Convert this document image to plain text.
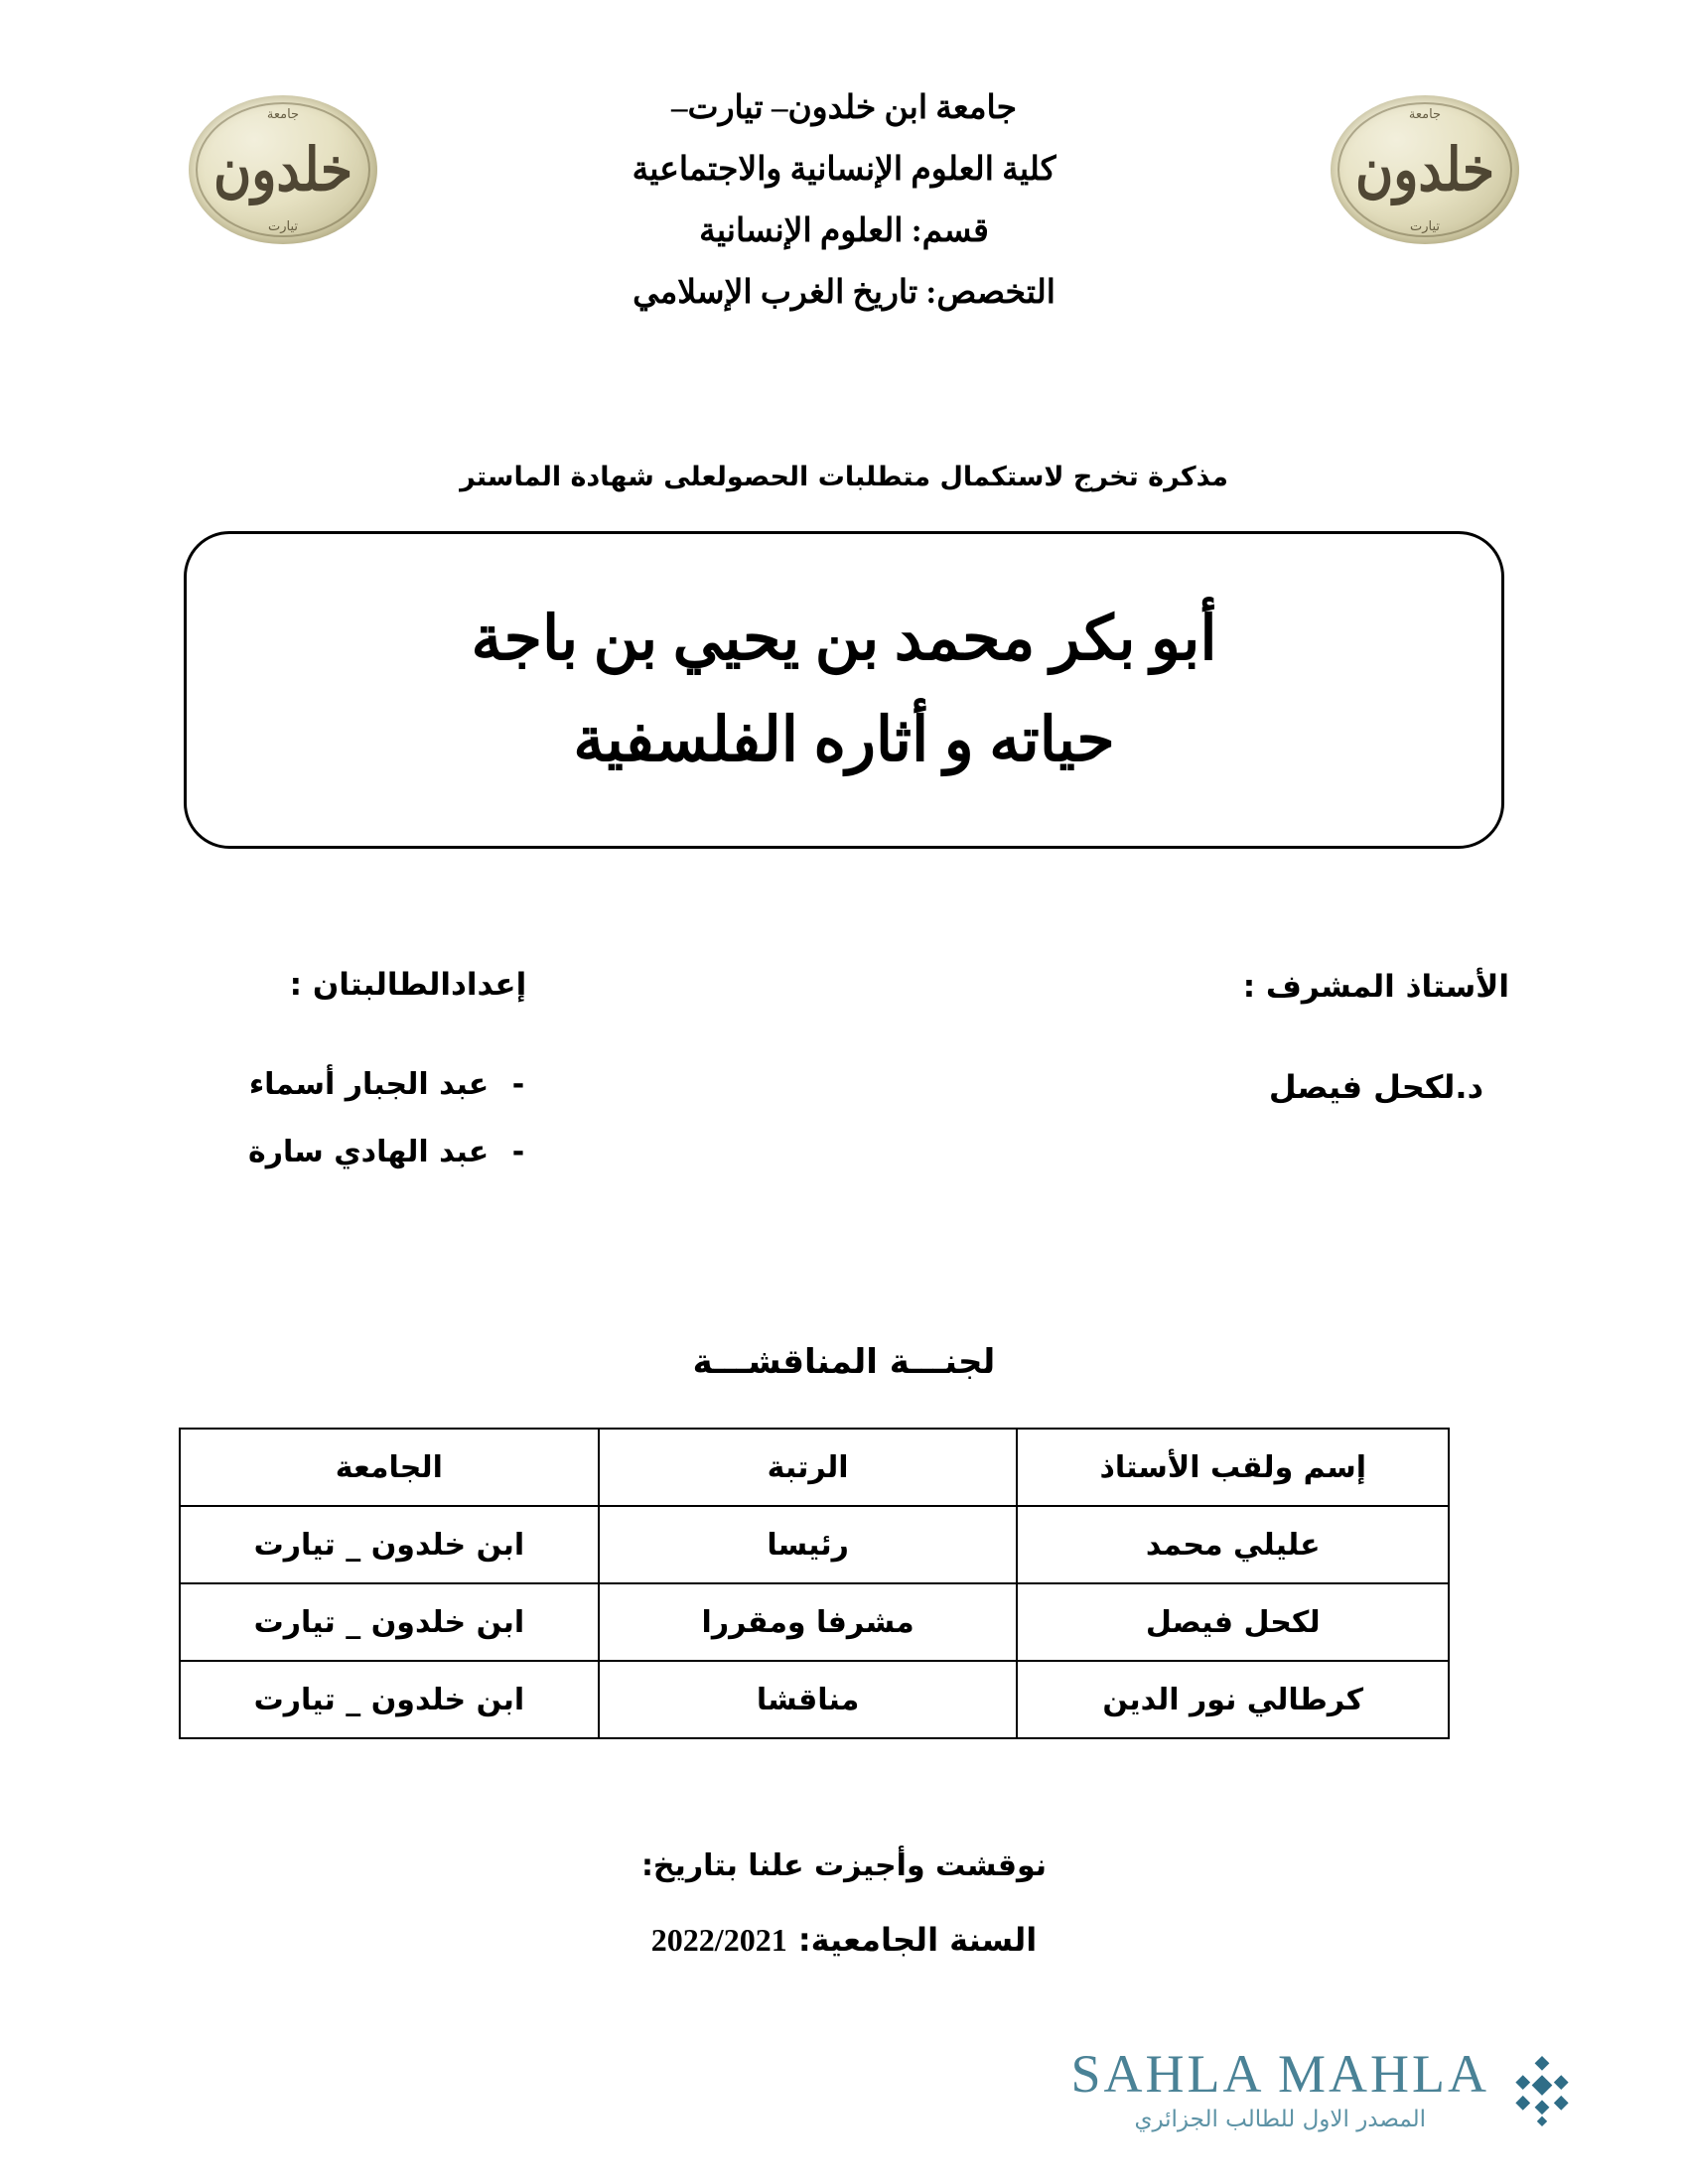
جامعة
خلدون
تيارت
جامعة
خلدون
تيارت
جامعة ابن خلدون– تيارت–
كلية العلوم الإنسانية والاجتماعية
قسم: العلوم الإنسانية
التخصص: تاريخ الغرب الإسلامي
مذكرة تخرج لاستكمال متطلبات الحصولعلى شهادة الماستر
أبو بكر محمد بن يحيي بن باجة
حياته و أثاره الفلسفية
الأستاذ المشرف :
د.لكحل فيصل
إعدادالطالبتان :
- عبد الجبار أسماء
- عبد الهادي سارة
لجنـــة المناقشـــة
إسم ولقب الأستاذ	الرتبة	الجامعة
عليلي محمد	رئيسا	ابن خلدون _ تيارت
لكحل فيصل	مشرفا ومقررا	ابن خلدون _ تيارت
كرطالي نور الدين	مناقشا	ابن خلدون _ تيارت
نوقشت وأجيزت علنا بتاريخ:
السنة الجامعية: 2022/2021
SAHLA MAHLA
المصدر الاول للطالب الجزائري
